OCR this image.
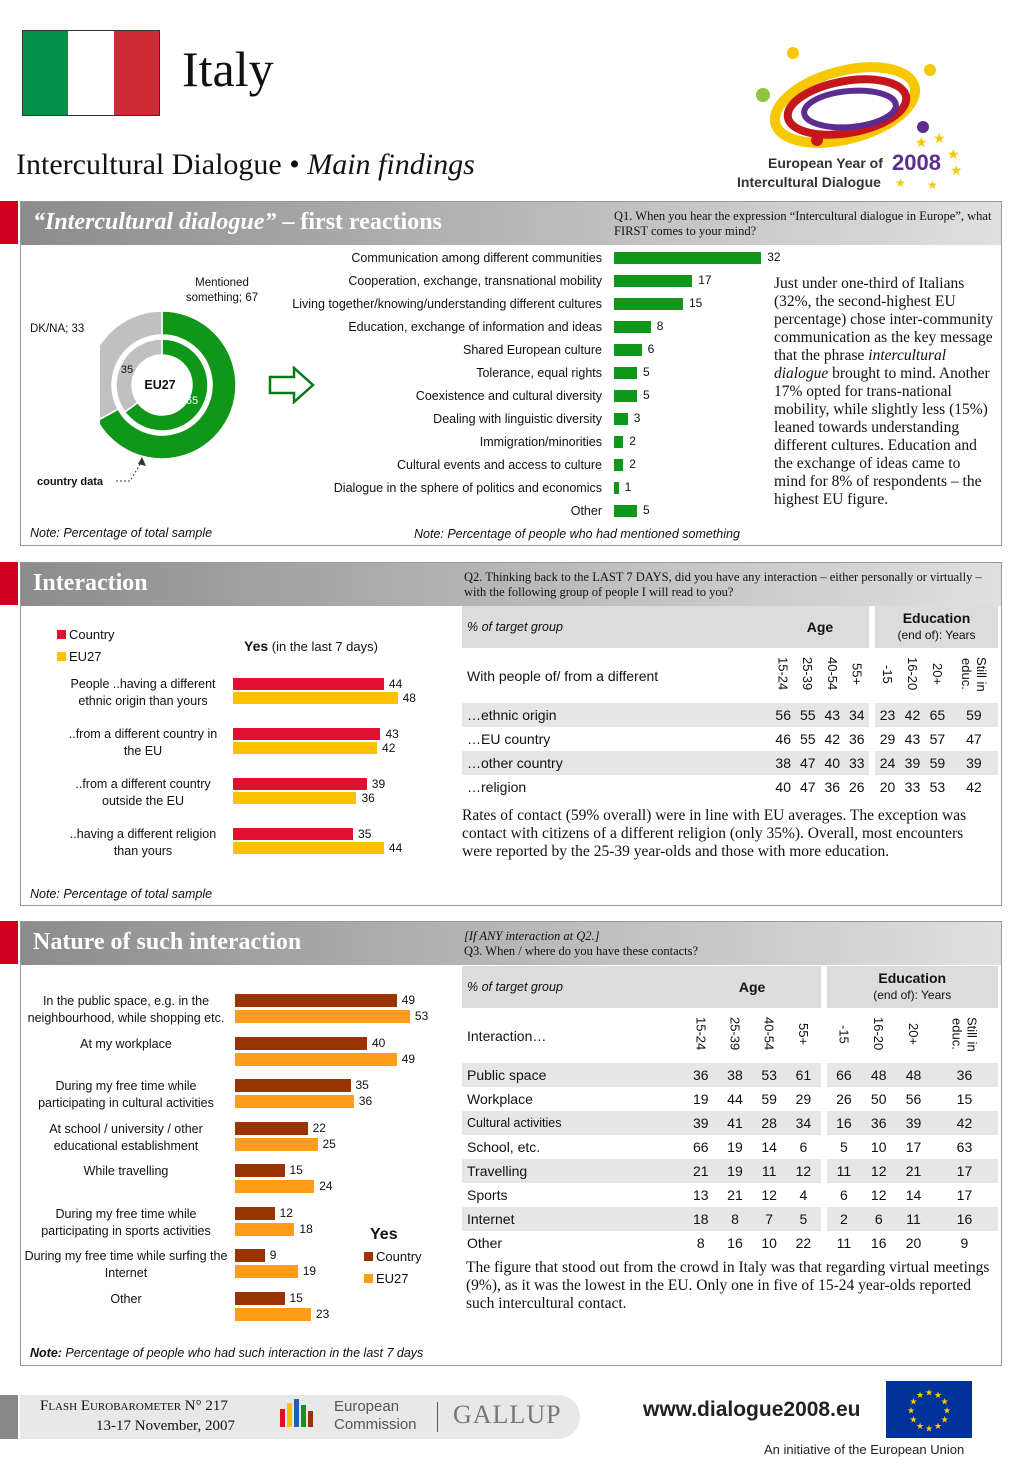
Italy
Intercultural Dialogue • Main findings
★ ★
★
★
★ ★
European Year of
Intercultural Dialogue
2008
“Intercultural dialogue” – first reactions	Q1. When you hear the expression “Intercultural dialogue in Europe”, what FIRST comes to your mind?
Mentioned something; 67
DK/NA; 33
EU27
35
65
country data
Communication among different communities	32
Cooperation, exchange, transnational mobility	17
Living together/knowing/understanding different cultures	15
Education, exchange of information and ideas	8
Shared European culture	6
Tolerance, equal rights	5
Coexistence and cultural diversity	5
Dealing with linguistic diversity	3
Immigration/minorities 2
Cultural events and access to culture 2
Dialogue in the sphere of politics and economics 1
Other	5
Just under one-third of Italians (32%, the second-highest EU percentage) chose inter-community communication as the key message that the phrase intercultural dialogue brought to mind. Another 17% opted for trans-national mobility, while slightly less (15%) leaned towards understanding different cultures. Education and the exchange of ideas came to mind for 8% of respondents – the highest EU figure.
Note: Percentage of total sample	Note: Percentage of people who had mentioned something
Interaction	Q2. Thinking back to the LAST 7 DAYS, did you have any interaction – either personally or virtually – with the following group of people I will read to you?
Country
EU27
Yes (in the last 7 days)
People ..having a different ethnic origin than yours
44
48
..from a different country in the EU
43
42
..from a different country outside the EU
39
36
..having a different religion than yours
35
44
Note: Percentage of total sample
% of target group	Age					Education
(end of): Years			

With people of/ from a different	15-24	25-39	40-54	55+		-15	16-20	20+	Still in educ.
…ethnic origin	56	55	43	34		23	42	65	59
…EU country	46	55	42	36		29	43	57	47
…other country	38	47	40	33		24	39	59	39
…religion	40	47	36	26		20	33	53	42
Rates of contact (59% overall) were in line with EU averages. The exception was contact with citizens of a different religion (only 35%). Overall, most encounters were reported by the 25-39 year-olds and those with more education.
Nature of such interaction	[If ANY interaction at Q2.]
Q3. When / where do you have these contacts?
In the public space, e.g. in the neighbourhood, while shopping etc.
49
53
At my workplace	40
49
During my free time while participating in cultural activities
35
36
At school / university / other educational establishment
22
25
While travelling	15
24
During my free time while participating in sports activities
12
18
During my free time while surfing the Internet
9
19
Other	15
23
Yes
Country
EU27
Note: Percentage of people who had such interaction in the last 7 days
% of target group	Age					Education
(end of): Years			

Interaction…	15-24	25-39	40-54	55+		-15	16-20	20+	Still in educ.
Public space	36	38	53	61		66	48	48	36
Workplace	19	44	59	29		26	50	56	15
Cultural activities	39	41	28	34		16	36	39	42
School, etc.	66	19	14	6		5	10	17	63
Travelling	21	19	11	12		11	12	21	17
Sports	13	21	12	4		6	12	14	17
Internet	18	8	7	5		2	6	11	16
Other	8	16	10	22		11	16	20	9
The figure that stood out from the crowd in Italy was that regarding virtual meetings (9%), as it was the lowest in the EU. Only one in five of 15-24 year-olds reported such intercultural contact.
Flash Eurobarometer N° 217
13-17 November, 2007
European
Commission GALLUP	www.dialogue2008.eu
★ ★
★
★
★
★
★
★
★
★
★
★
An initiative of the European Union
